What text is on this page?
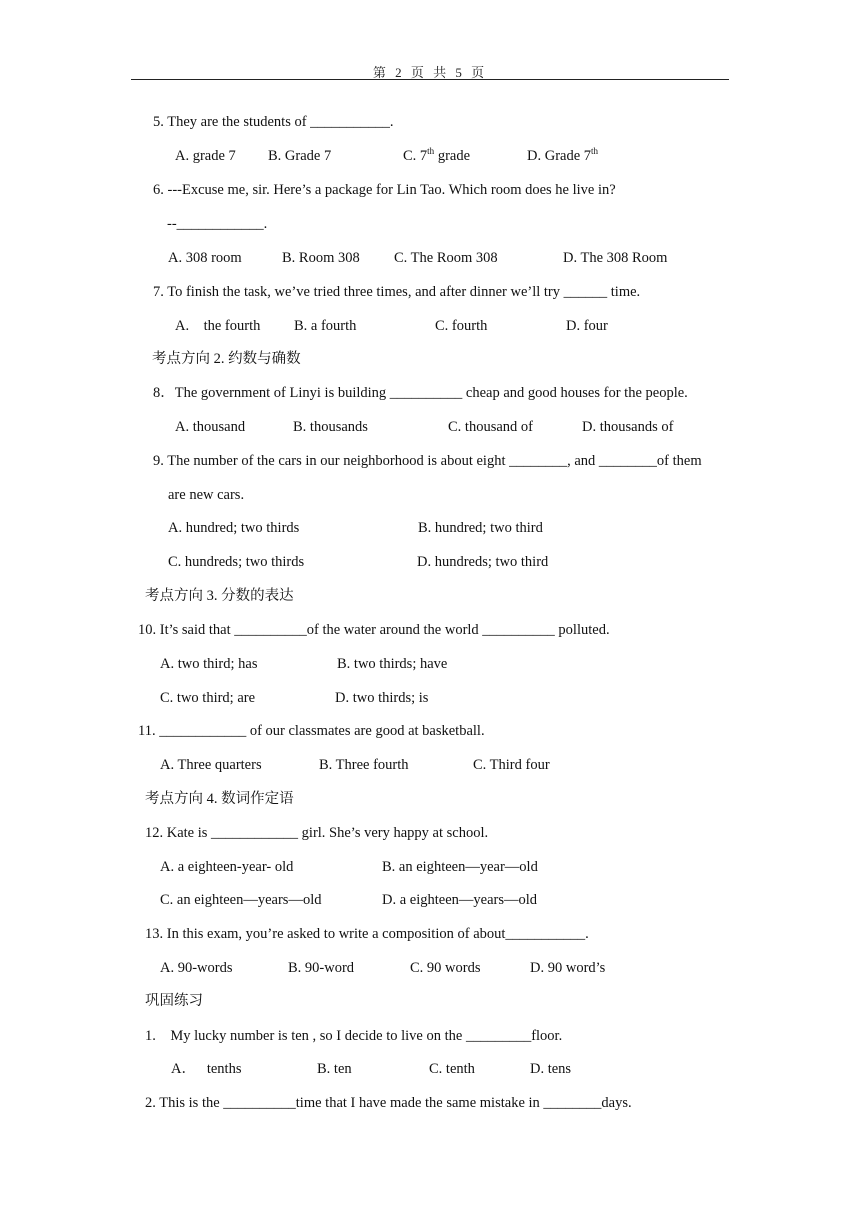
第 2 页 共 5 页
5. They are the students of ___________.
A. grade 7 B. Grade 7	C. 7th grade	D. Grade 7th
6. ---Excuse me, sir. Here’s a package for Lin Tao. Which room does he live in?
--____________.
A. 308 room	B. Room 308 C. The Room 308	D. The 308 Room
7. To finish the task, we’ve tried three times, and after dinner we’ll try ______ time.
A.    the fourth B. a fourth	C. fourth	D. four
考点方向 2. 约数与确数
8．The government of Linyi is building __________ cheap and good houses for the people.
A. thousand	B. thousands	C. thousand of	D. thousands of
9. The number of the cars in our neighborhood is about eight ________, and ________of them
are new cars.
A. hundred; two thirds	B. hundred; two third
C. hundreds; two thirds	D. hundreds; two third
考点方向 3. 分数的表达
10. It’s said that __________of the water around the world __________ polluted.
A. two third; has	B. two thirds; have
C. two third; are	D. two thirds; is
11. ____________ of our classmates are good at basketball.
A. Three quarters	B. Three fourth	C. Third four
考点方向 4. 数词作定语
12. Kate is ____________ girl. She’s very happy at school.
A. a eighteen-year- old	B. an eighteen—year—old
C. an eighteen—years—old	D. a eighteen—years—old
13. In this exam, you’re asked to write a composition of about___________.
A. 90-words	B. 90-word	C. 90 words	D. 90 word’s
巩固练习
1.    My lucky number is ten , so I decide to live on the _________floor.
A．   tenths	B. ten	C. tenth	D. tens
2. This is the __________time that I have made the same mistake in ________days.
